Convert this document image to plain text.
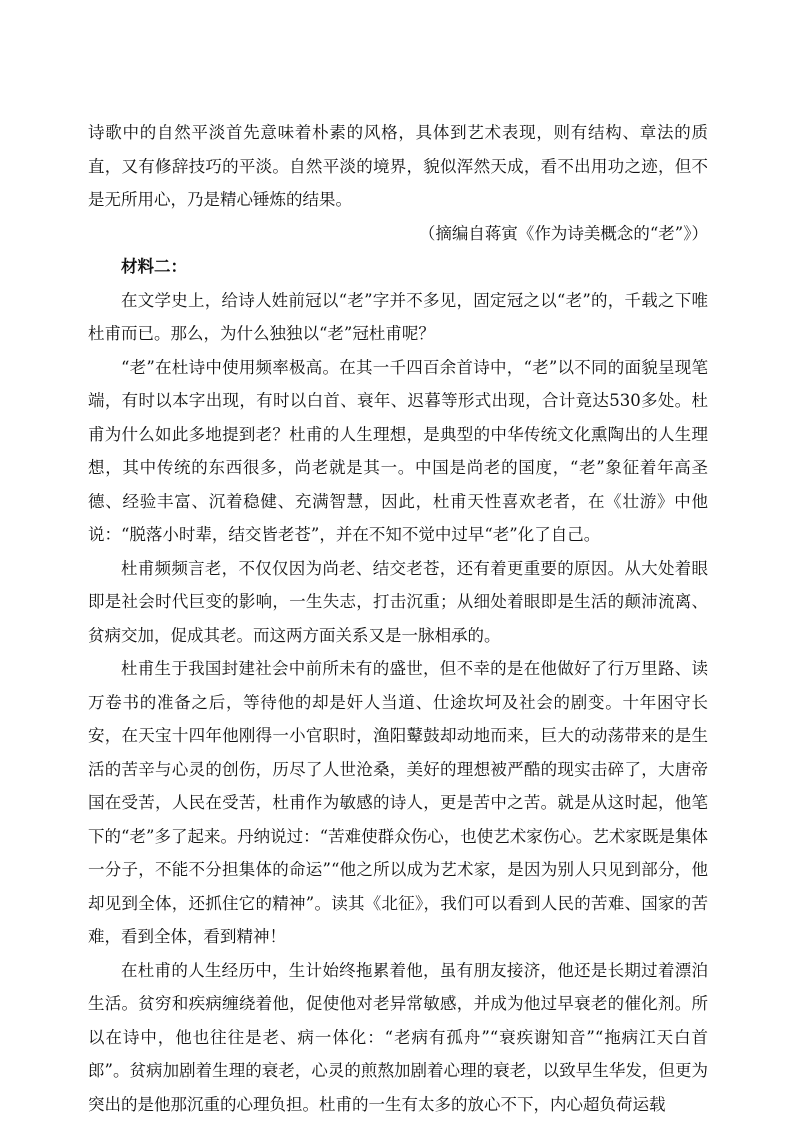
诗歌中的自然平淡首先意味着朴素的风格，具体到艺术表现，则有结构、章法的质直，又有修辞技巧的平淡。自然平淡的境界，貌似浑然天成，看不出用功之迹，但不是无所用心，乃是精心锤炼的结果。

（摘编自蒋寅《作为诗美概念的“老”》）

材料二：

在文学史上，给诗人姓前冠以“老”字并不多见，固定冠之以“老”的，千载之下唯杜甫而已。那么，为什么独独以“老”冠杜甫呢？

“老”在杜诗中使用频率极高。在其一千四百余首诗中，“老”以不同的面貌呈现笔端，有时以本字出现，有时以白首、衰年、迟暮等形式出现，合计竟达530多处。杜甫为什么如此多地提到老？杜甫的人生理想，是典型的中华传统文化熏陶出的人生理想，其中传统的东西很多，尚老就是其一。中国是尚老的国度，“老”象征着年高圣德、经验丰富、沉着稳健、充满智慧，因此，杜甫天性喜欢老者，在《壮游》中他说：“脱落小时辈，结交皆老苍”，并在不知不觉中过早“老”化了自己。

杜甫频频言老，不仅仅因为尚老、结交老苍，还有着更重要的原因。从大处着眼即是社会时代巨变的影响，一生失志，打击沉重；从细处着眼即是生活的颠沛流离、贫病交加，促成其老。而这两方面关系又是一脉相承的。

杜甫生于我国封建社会中前所未有的盛世，但不幸的是在他做好了行万里路、读万卷书的准备之后，等待他的却是奸人当道、仕途坎坷及社会的剧变。十年困守长安，在天宝十四年他刚得一小官职时，渔阳鼙鼓却动地而来，巨大的动荡带来的是生活的苦辛与心灵的创伤，历尽了人世沧桑，美好的理想被严酷的现实击碎了，大唐帝国在受苦，人民在受苦，杜甫作为敏感的诗人，更是苦中之苦。就是从这时起，他笔下的“老”多了起来。丹纳说过：“苦难使群众伤心，也使艺术家伤心。艺术家既是集体一分子，不能不分担集体的命运”“他之所以成为艺术家，是因为别人只见到部分，他却见到全体，还抓住它的精神”。读其《北征》，我们可以看到人民的苦难、国家的苦难，看到全体，看到精神！

在杜甫的人生经历中，生计始终拖累着他，虽有朋友接济，他还是长期过着漂泊生活。贫穷和疾病缠绕着他，促使他对老异常敏感，并成为他过早衰老的催化剂。所以在诗中，他也往往是老、病一体化：“老病有孤舟”“衰疾谢知音”“拖病江天白首郎”。贫病加剧着生理的衰老，心灵的煎熬加剧着心理的衰老，以致早生华发，但更为突出的是他那沉重的心理负担。杜甫的一生有太多的放心不下，内心超负荷运载
